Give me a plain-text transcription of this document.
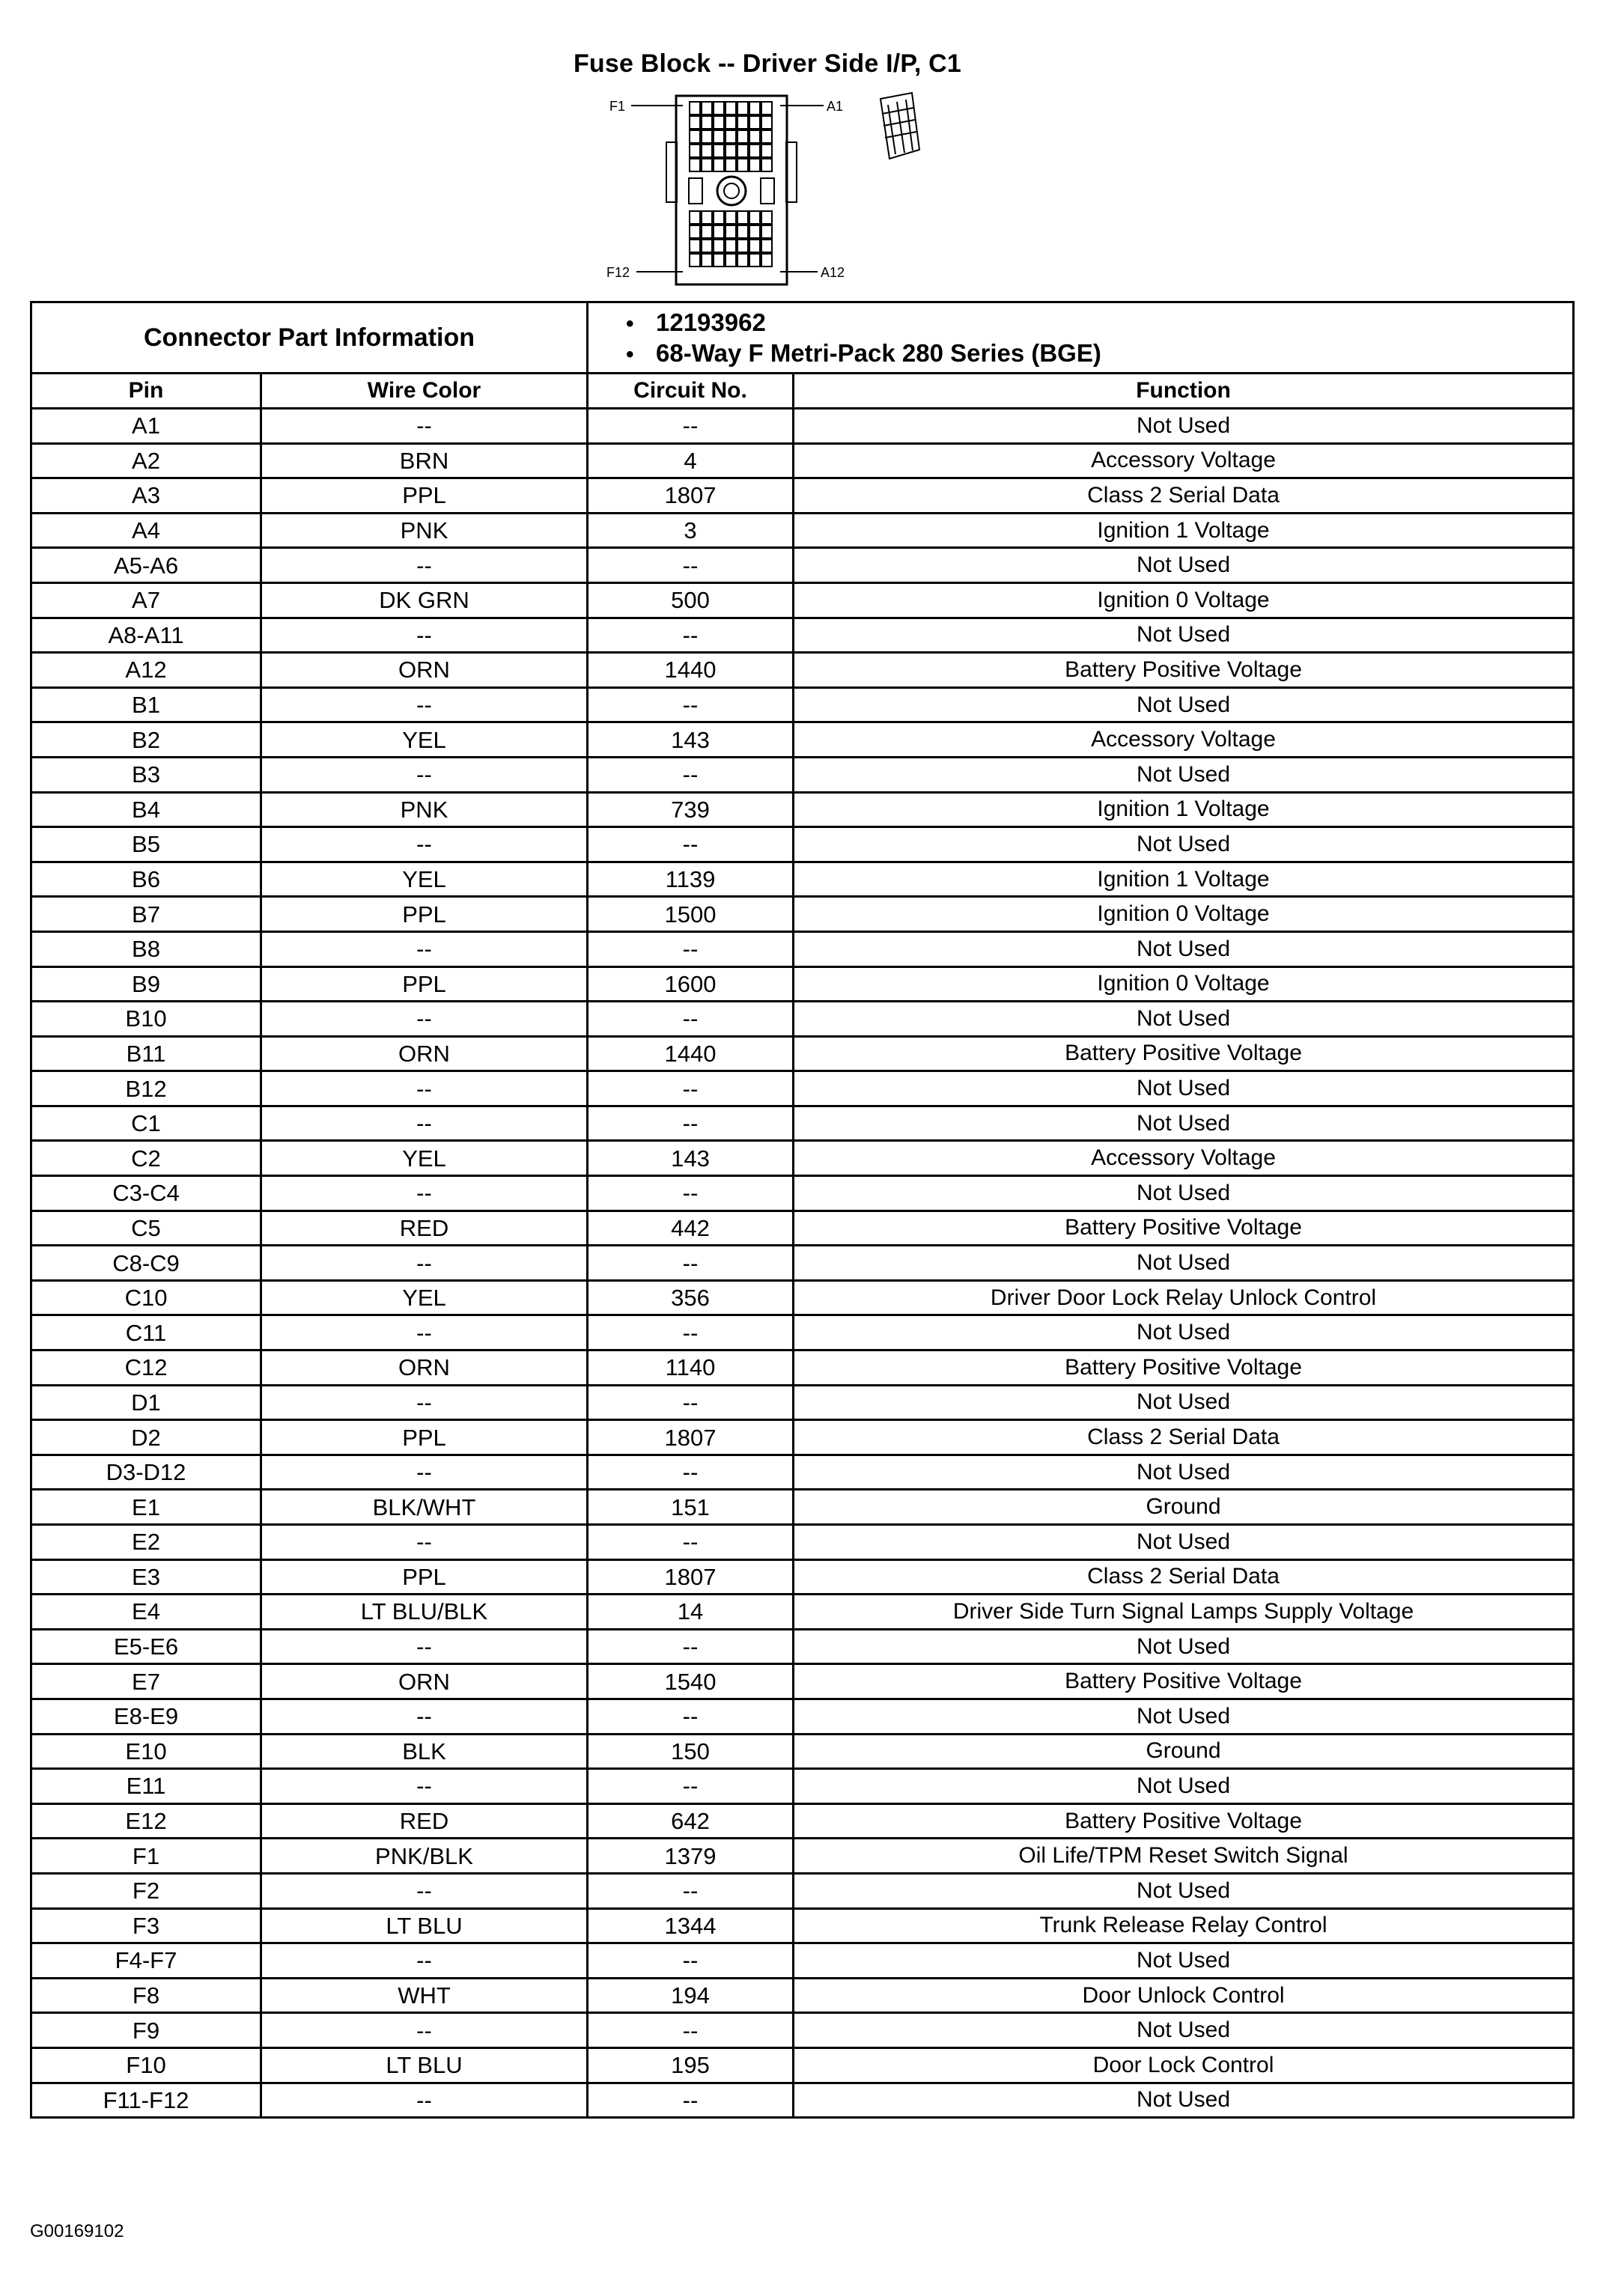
Fuse Block -- Driver Side I/P, C1
F1	A1
F12	A12
Connector Part Information		• 12193962
• 68-Way F Metri-Pack 280 Series (BGE)

Pin	Wire Color	Circuit No.	Function
A1	--	--	Not Used
A2	BRN	4	Accessory Voltage
A3	PPL	1807	Class 2 Serial Data
A4	PNK	3	Ignition 1 Voltage
A5-A6	--	--	Not Used
A7	DK GRN	500	Ignition 0 Voltage
A8-A11	--	--	Not Used
A12	ORN	1440	Battery Positive Voltage
B1	--	--	Not Used
B2	YEL	143	Accessory Voltage
B3	--	--	Not Used
B4	PNK	739	Ignition 1 Voltage
B5	--	--	Not Used
B6	YEL	1139	Ignition 1 Voltage
B7	PPL	1500	Ignition 0 Voltage
B8	--	--	Not Used
B9	PPL	1600	Ignition 0 Voltage
B10	--	--	Not Used
B11	ORN	1440	Battery Positive Voltage
B12	--	--	Not Used
C1	--	--	Not Used
C2	YEL	143	Accessory Voltage
C3-C4	--	--	Not Used
C5	RED	442	Battery Positive Voltage
C8-C9	--	--	Not Used
C10	YEL	356	Driver Door Lock Relay Unlock Control
C11	--	--	Not Used
C12	ORN	1140	Battery Positive Voltage
D1	--	--	Not Used
D2	PPL	1807	Class 2 Serial Data
D3-D12	--	--	Not Used
E1	BLK/WHT	151	Ground
E2	--	--	Not Used
E3	PPL	1807	Class 2 Serial Data
E4	LT BLU/BLK	14	Driver Side Turn Signal Lamps Supply Voltage
E5-E6	--	--	Not Used
E7	ORN	1540	Battery Positive Voltage
E8-E9	--	--	Not Used
E10	BLK	150	Ground
E11	--	--	Not Used
E12	RED	642	Battery Positive Voltage
F1	PNK/BLK	1379	Oil Life/TPM Reset Switch Signal
F2	--	--	Not Used
F3	LT BLU	1344	Trunk Release Relay Control
F4-F7	--	--	Not Used
F8	WHT	194	Door Unlock Control
F9	--	--	Not Used
F10	LT BLU	195	Door Lock Control
F11-F12	--	--	Not Used
G00169102
